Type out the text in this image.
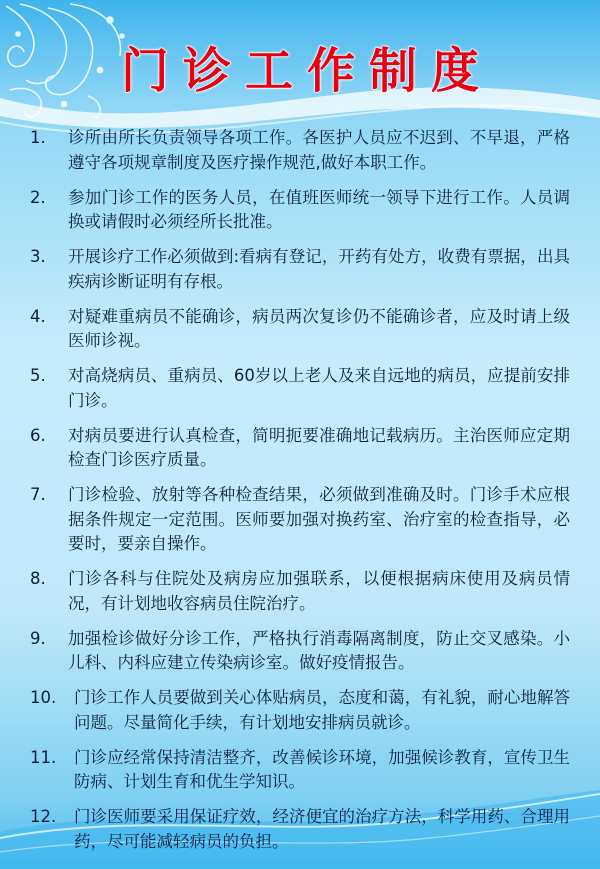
门诊工作制度
1.	诊所由所长负责领导各项工作。各医护人员应不迟到、不早退，严格遵守各项规章制度及医疗操作规范,做好本职工作。
2.	参加门诊工作的医务人员，在值班医师统一领导下进行工作。人员调换或请假时必须经所长批准。
3.	开展诊疗工作必须做到:看病有登记，开药有处方，收费有票据，出具疾病诊断证明有存根。
4.	对疑难重病员不能确诊，病员两次复诊仍不能确诊者，应及时请上级医师诊视。
5.	对高烧病员、重病员、60岁以上老人及来自远地的病员，应提前安排门诊。
6.	对病员要进行认真检查，简明扼要准确地记载病历。主治医师应定期检查门诊医疗质量。
7.	门诊检验、放射等各种检查结果，必须做到准确及时。门诊手术应根据条件规定一定范围。医师要加强对换药室、治疗室的检查指导，必要时，要亲自操作。
8.	门诊各科与住院处及病房应加强联系，以便根据病床使用及病员情况，有计划地收容病员住院治疗。
9.	加强检诊做好分诊工作，严格执行消毒隔离制度，防止交叉感染。小儿科、内科应建立传染病诊室。做好疫情报告。
10.	门诊工作人员要做到关心体贴病员，态度和蔼，有礼貌，耐心地解答问题。尽量简化手续，有计划地安排病员就诊。
11.	门诊应经常保持清洁整齐，改善候诊环境，加强候诊教育，宣传卫生防病、计划生育和优生学知识。
12.	门诊医师要采用保证疗效，经济便宜的治疗方法，科学用药、合理用药，尽可能减轻病员的负担。
